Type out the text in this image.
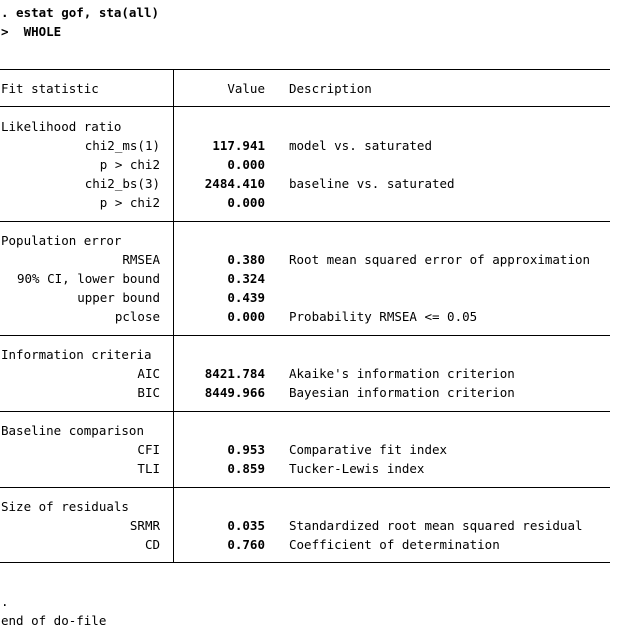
. estat gof, sta(all)
>  WHOLE
Fit statistic	Value Description
Likelihood ratio
chi2_ms(1)	117.941 model vs. saturated
p > chi2	0.000
chi2_bs(3)	2484.410 baseline vs. saturated
p > chi2	0.000
Population error
RMSEA	0.380 Root mean squared error of approximation
90% CI, lower bound	0.324
upper bound	0.439
pclose	0.000 Probability RMSEA <= 0.05
Information criteria
AIC	8421.784 Akaike's information criterion
BIC	8449.966 Bayesian information criterion
Baseline comparison
CFI	0.953 Comparative fit index
TLI	0.859 Tucker-Lewis index
Size of residuals
SRMR	0.035 Standardized root mean squared residual
CD	0.760 Coefficient of determination
.
end of do-file
